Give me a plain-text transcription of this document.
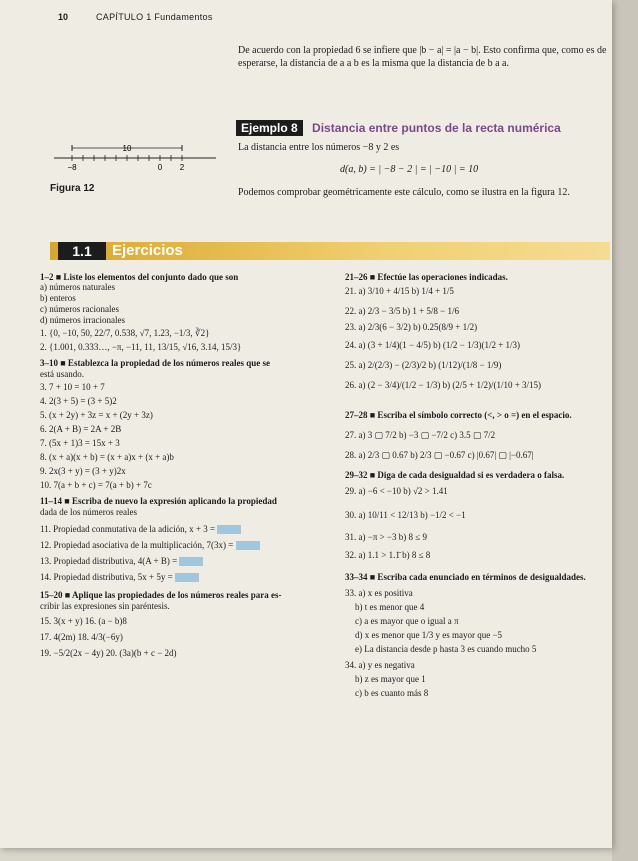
10	CAPÍTULO 1 Fundamentos
De acuerdo con la propiedad 6 se infiere que |b − a| = |a − b|. Esto confirma que, como es de esperarse, la distancia de a a b es la misma que la distancia de b a a.
Ejemplo 8 Distancia entre puntos de la recta numérica
La distancia entre los números −8 y 2 es
d(a, b) = | −8 − 2 | = | −10 | = 10
Podemos comprobar geométricamente este cálculo, como se ilustra en la figura 12.
10
−8	0 2
Figura 12
1.1	Ejercicios
1–2 ■ Liste los elementos del conjunto dado que son
a) números naturales
b) enteros
c) números racionales
d) números irracionales
1. {0, −10, 50, 22/7, 0.538, √7, 1.23, −1/3, ∛2}
2. {1.001, 0.333…, −π, −11, 11, 13/15, √16, 3.14, 15/3}
3–10 ■ Establezca la propiedad de los números reales que se
está usando.
3. 7 + 10 = 10 + 7
4. 2(3 + 5) = (3 + 5)2
5. (x + 2y) + 3z = x + (2y + 3z)
6. 2(A + B) = 2A + 2B
7. (5x + 1)3 = 15x + 3
8. (x + a)(x + b) = (x + a)x + (x + a)b
9. 2x(3 + y) = (3 + y)2x
10. 7(a + b + c) = 7(a + b) + 7c
11–14 ■ Escriba de nuevo la expresión aplicando la propiedad
dada de los números reales
11. Propiedad conmutativa de la adición, x + 3 =
12. Propiedad asociativa de la multiplicación, 7(3x) =
13. Propiedad distributiva, 4(A + B) =
14. Propiedad distributiva, 5x + 5y =
15–20 ■ Aplique las propiedades de los números reales para es-
cribir las expresiones sin paréntesis.
15. 3(x + y) 16. (a − b)8
17. 4(2m) 18. 4/3(−6y)
19. −5/2(2x − 4y) 20. (3a)(b + c − 2d)
21–26 ■ Efectúe las operaciones indicadas.
21. a) 3/10 + 4/15 b) 1/4 + 1/5
22. a) 2/3 − 3/5 b) 1 + 5/8 − 1/6
23. a) 2/3(6 − 3/2) b) 0.25(8/9 + 1/2)
24. a) (3 + 1/4)(1 − 4/5) b) (1/2 − 1/3)(1/2 + 1/3)
25. a) 2/(2/3) − (2/3)/2 b) (1/12)/(1/8 − 1/9)
26. a) (2 − 3/4)/(1/2 − 1/3) b) (2/5 + 1/2)/(1/10 + 3/15)
27–28 ■ Escriba el símbolo correcto (<, > o =) en el espacio.
27. a) 3 ▢ 7/2 b) −3 ▢ −7/2 c) 3.5 ▢ 7/2
28. a) 2/3 ▢ 0.67 b) 2/3 ▢ −0.67 c) |0.67| ▢ |−0.67|
29–32 ■ Diga de cada desigualdad si es verdadera o falsa.
29. a) −6 < −10 b) √2 > 1.41
30. a) 10/11 < 12/13 b) −1/2 < −1
31. a) −π > −3 b) 8 ≤ 9
32. a) 1.1 > 1.1̄ b) 8 ≤ 8
33–34 ■ Escriba cada enunciado en términos de desigualdades.
33. a) x es positiva
b) t es menor que 4
c) a es mayor que o igual a π
d) x es menor que 1/3 y es mayor que −5
e) La distancia desde p hasta 3 es cuando mucho 5
34. a) y es negativa
b) z es mayor que 1
c) b es cuanto más 8
